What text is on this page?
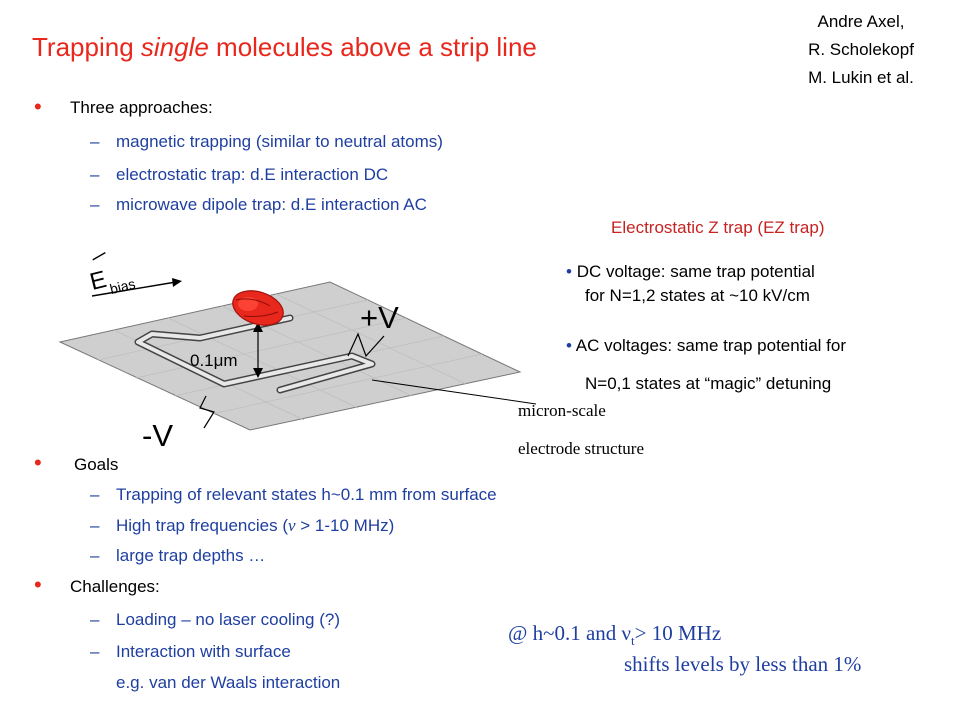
Trapping single molecules above a strip line
Andre Axel,
R. Scholekopf
M. Lukin et al.
• Three approaches:
– magnetic trapping (similar to neutral atoms)
– electrostatic trap: d.E interaction DC
– microwave dipole trap: d.E interaction AC
Electrostatic Z trap (EZ trap)
• DC voltage: same trap potential
for N=1,2 states at ~10 kV/cm
• AC voltages: same trap potential for
N=0,1 states at “magic” detuning
E
bias
+V
-V
0.1μm
micron-scale
electrode structure
• Goals
– Trapping of relevant states h~0.1 mm from surface
– High trap frequencies (ν > 1-10 MHz)
– large trap depths …
• Challenges:
– Loading – no laser cooling (?)
– Interaction with surface
e.g. van der Waals interaction
@ h~0.1 and $\nu_t> 10$ MHz
shifts levels by less than 1%
